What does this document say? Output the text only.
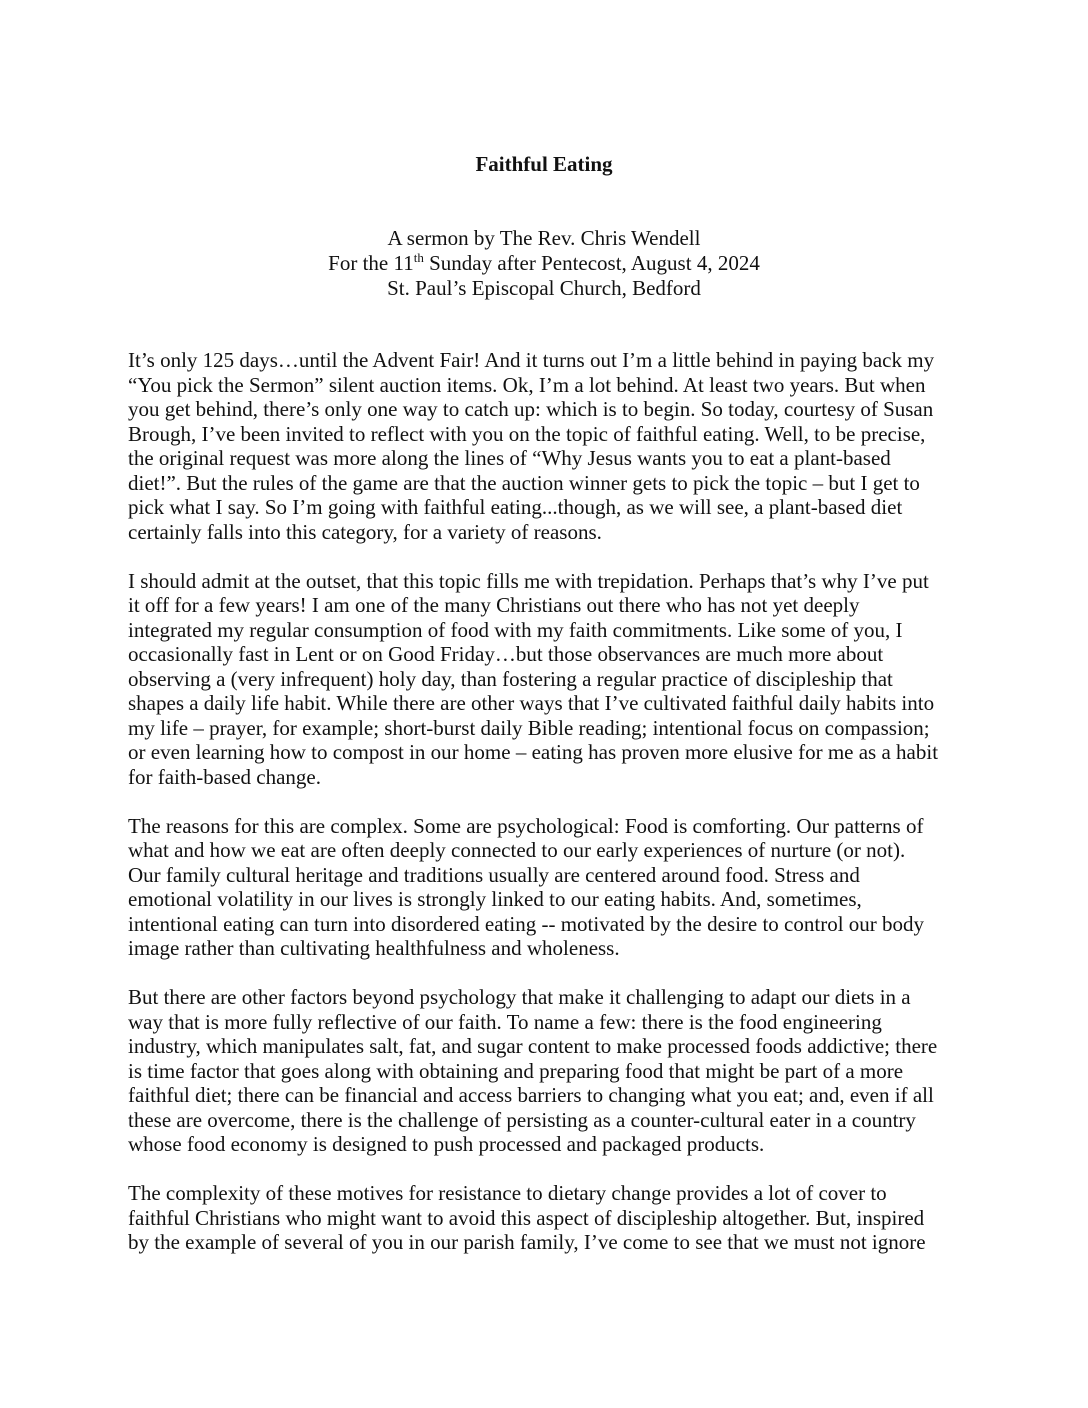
Faithful Eating
A sermon by The Rev. Chris Wendell
For the 11th Sunday after Pentecost, August 4, 2024
St. Paul’s Episcopal Church, Bedford
It’s only 125 days…until the Advent Fair! And it turns out I’m a little behind in paying back my
“You pick the Sermon” silent auction items. Ok, I’m a lot behind. At least two years. But when
you get behind, there’s only one way to catch up: which is to begin. So today, courtesy of Susan
Brough, I’ve been invited to reflect with you on the topic of faithful eating. Well, to be precise,
the original request was more along the lines of “Why Jesus wants you to eat a plant-based
diet!”. But the rules of the game are that the auction winner gets to pick the topic – but I get to
pick what I say. So I’m going with faithful eating...though, as we will see, a plant-based diet
certainly falls into this category, for a variety of reasons.
I should admit at the outset, that this topic fills me with trepidation. Perhaps that’s why I’ve put
it off for a few years! I am one of the many Christians out there who has not yet deeply
integrated my regular consumption of food with my faith commitments. Like some of you, I
occasionally fast in Lent or on Good Friday…but those observances are much more about
observing a (very infrequent) holy day, than fostering a regular practice of discipleship that
shapes a daily life habit. While there are other ways that I’ve cultivated faithful daily habits into
my life – prayer, for example; short-burst daily Bible reading; intentional focus on compassion;
or even learning how to compost in our home – eating has proven more elusive for me as a habit
for faith-based change.
The reasons for this are complex. Some are psychological: Food is comforting. Our patterns of
what and how we eat are often deeply connected to our early experiences of nurture (or not).
Our family cultural heritage and traditions usually are centered around food. Stress and
emotional volatility in our lives is strongly linked to our eating habits. And, sometimes,
intentional eating can turn into disordered eating -- motivated by the desire to control our body
image rather than cultivating healthfulness and wholeness.
But there are other factors beyond psychology that make it challenging to adapt our diets in a
way that is more fully reflective of our faith. To name a few: there is the food engineering
industry, which manipulates salt, fat, and sugar content to make processed foods addictive; there
is time factor that goes along with obtaining and preparing food that might be part of a more
faithful diet; there can be financial and access barriers to changing what you eat; and, even if all
these are overcome, there is the challenge of persisting as a counter-cultural eater in a country
whose food economy is designed to push processed and packaged products.
The complexity of these motives for resistance to dietary change provides a lot of cover to
faithful Christians who might want to avoid this aspect of discipleship altogether. But, inspired
by the example of several of you in our parish family, I’ve come to see that we must not ignore
